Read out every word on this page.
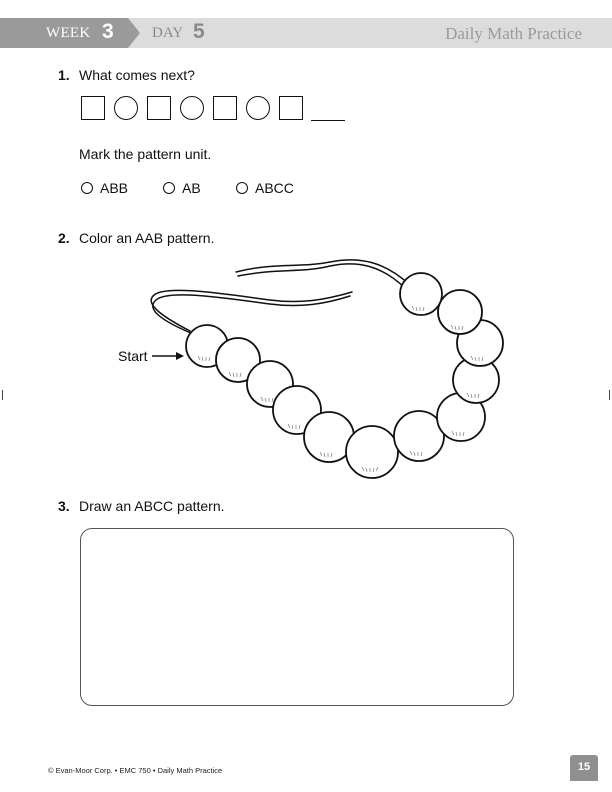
WEEK 3	DAY 5	Daily Math Practice
1. What comes next?
Mark the pattern unit.
ABB	AB	ABCC
2. Color an AAB pattern.
Start
3. Draw an ABCC pattern.
© Evan-Moor Corp. • EMC 750 • Daily Math Practice	15
